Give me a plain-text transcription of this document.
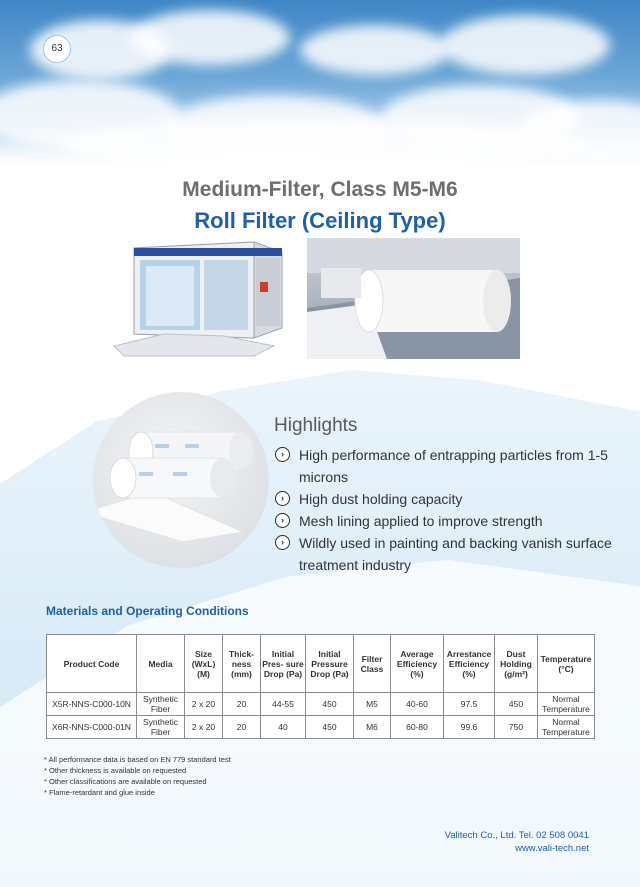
63
Medium-Filter, Class M5-M6
Roll Filter (Ceiling Type)
Highlights
›	High performance of entrapping particles from 1-5 microns
›	High dust holding capacity
›	Mesh lining applied to improve strength
›	Wildly used in painting and backing vanish surface treatment industry
Materials and Operating Conditions
Product Code	Media	Size (WxL) (M)	Thick- ness (mm)	Initial Pres- sure Drop (Pa)	Initial Pressure Drop (Pa)	Filter Class	Average Efficiency (%)	Arrestance Efficiency (%)	Dust Holding (g/m²)	Temperature (°C)
X5R-NNS-C000-10N	Synthetic Fiber	2 x 20	20	44-55	450	M5	40-60	97.5	450	Normal Temperature
X6R-NNS-C000-01N	Synthetic Fiber	2 x 20	20	40	450	M6	60-80	99.6	750	Normal Temperature
* All performance data is based on EN 779 standard test
* Other thickness is available on requested
* Other classifications are available on requested
* Flame-retardant and glue inside
Valitech Co., Ltd. Tel. 02 508 0041
www.vali-tech.net
